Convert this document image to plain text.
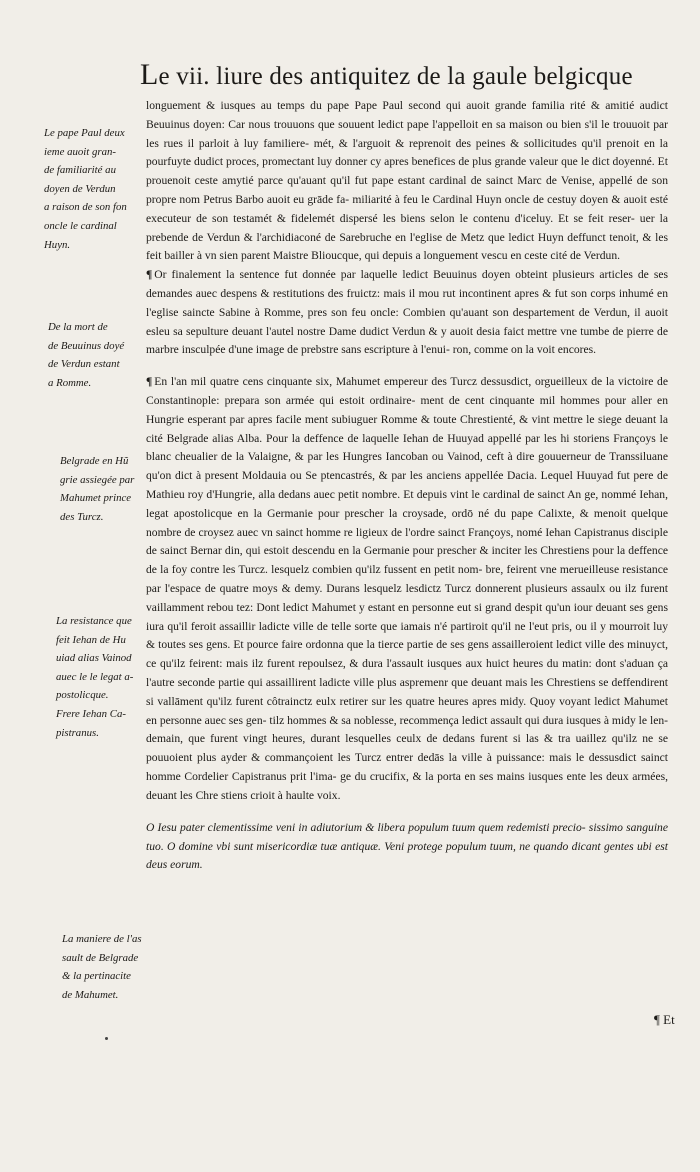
Le vii. liure des antiquitez de la gaule belgicque

longuement & iusques au temps du pape Pape Paul second qui auoit grande familia rité & amitié audict Beuuinus doyen: Car nous trouuons que souuent ledict pape l'appelloit en sa maison ou bien s'il le trouuoit par les rues il parloit à luy familiere- mét, & l'arguoit & reprenoit des peines & sollicitudes qu'il prenoit en la pourfuyte dudict proces, promectant luy donner cy apres benefices de plus grande valeur que le dict doyenné. Et prouenoit ceste amytié parce qu'auant qu'il fut pape estant cardinal de sainct Marc de Venise, appellé de son propre nom Petrus Barbo auoit eu grāde fa- miliarité à feu le Cardinal Huyn oncle de cestuy doyen & auoit esté executeur de son testamét & fidelemét dispersé les biens selon le contenu d'iceluy. Et se feit reser- uer la prebende de Verdun & l'archidiaconé de Sarebruche en l'eglise de Metz que ledict Huyn deffunct tenoit, & les feit bailler à vn sien parent Maistre Blioucque, qui depuis a longuement vescu en ceste cité de Verdun.

¶ Or finalement la sentence fut donnée par laquelle ledict Beuuinus doyen obteint plusieurs articles de ses demandes auec despens & restitutions des fruictz: mais il mou rut incontinent apres & fut son corps inhumé en l'eglise saincte Sabine à Romme, pres son feu oncle: Combien qu'auant son despartement de Verdun, il auoit esleu sa sepulture deuant l'autel nostre Dame dudict Verdun & y auoit desia faict mettre vne tumbe de pierre de marbre insculpée d'une image de prebstre sans escripture à l'enui- ron, comme on la voit encores.

¶ En l'an mil quatre cens cinquante six, Mahumet empereur des Turcz dessusdict, orgueilleux de la victoire de Constantinople: prepara son armée qui estoit ordinaire- ment de cent cinquante mil hommes pour aller en Hungrie esperant par apres facile ment subiuguer Romme & toute Chrestienté, & vint mettre le siege deuant la cité Belgrade alias Alba. Pour la deffence de laquelle Iehan de Huuyad appellé par les hi storiens Françoys le blanc cheualier de la Valaigne, & par les Hungres Iancoban ou Vainod, ceft à dire gouuerneur de Transsiluane qu'on dict à present Moldauia ou Se ptencastrés, & par les anciens appellée Dacia. Lequel Huuyad fut pere de Mathieu roy d'Hungrie, alla dedans auec petit nombre. Et depuis vint le cardinal de sainct An ge, nommé Iehan, legat apostolicque en la Germanie pour prescher la croysade, ordō né du pape Calixte, & menoit quelque nombre de croysez auec vn sainct homme re ligieux de l'ordre sainct Françoys, nomé Iehan Capistranus disciple de sainct Bernar din, qui estoit descendu en la Germanie pour prescher & inciter les Chrestiens pour la deffence de la foy contre les Turcz. lesquelz combien qu'ilz fussent en petit nom- bre, feirent vne merueilleuse resistance par l'espace de quatre moys & demy. Durans lesquelz lesdictz Turcz donnerent plusieurs assaulx ou ilz furent vaillamment rebou tez: Dont ledict Mahumet y estant en personne eut si grand despit qu'un iour deuant ses gens iura qu'il feroit assaillir ladicte ville de telle sorte que iamais n'é partiroit qu'il ne l'eut pris, ou il y mourroit luy & toutes ses gens. Et pource faire ordonna que la tierce partie de ses gens assailleroient ledict ville des minuyct, ce qu'ilz feirent: mais ilz furent repoulsez, & dura l'assault iusques aux huict heures du matin: dont s'aduan ça l'autre seconde partie qui assaillirent ladicte ville plus aspremenr que deuant mais les Chrestiens se deffendirent si vallāment qu'ilz furent côtrainctz eulx retirer sur les quatre heures apres midy. Quoy voyant ledict Mahumet en personne auec ses gen- tilz hommes & sa noblesse, recommença ledict assault qui dura iusques à midy le len- demain, que furent vingt heures, durant lesquelles ceulx de dedans furent si las & tra uaillez qu'ilz ne se pouuoient plus ayder & commançoient les Turcz entrer dedās la ville à puissance: mais le dessusdict sainct homme Cordelier Capistranus prit l'ima- ge du crucifix, & la porta en ses mains iusques ente les deux armées, deuant les Chre stiens crioit à haulte voix.

O Iesu pater clementissime veni in adiutorium & libera populum tuum quem redemisti precio- sissimo sanguine tuo. O domine vbi sunt misericordiæ tuæ antiquæ. Veni protege populum tuum, ne quando dicant gentes ubi est deus eorum.

Le pape Paul deux
ieme auoit gran-
de familiarité au
doyen de Verdun
a raison de son fon
oncle le cardinal
Huyn.
De la mort de
de Beuuinus doyé
de Verdun estant
a Romme.
Belgrade en Hũ
grie assiegée par
Mahumet prince
des Turcz.
La resistance que
feit Iehan de Hu
uiad alias Vainod
auec le le legat a-
postolicque.
Frere Iehan Ca-
pistranus.
La maniere de l'as
sault de Belgrade
& la pertinacite
de Mahumet.
¶ Et
